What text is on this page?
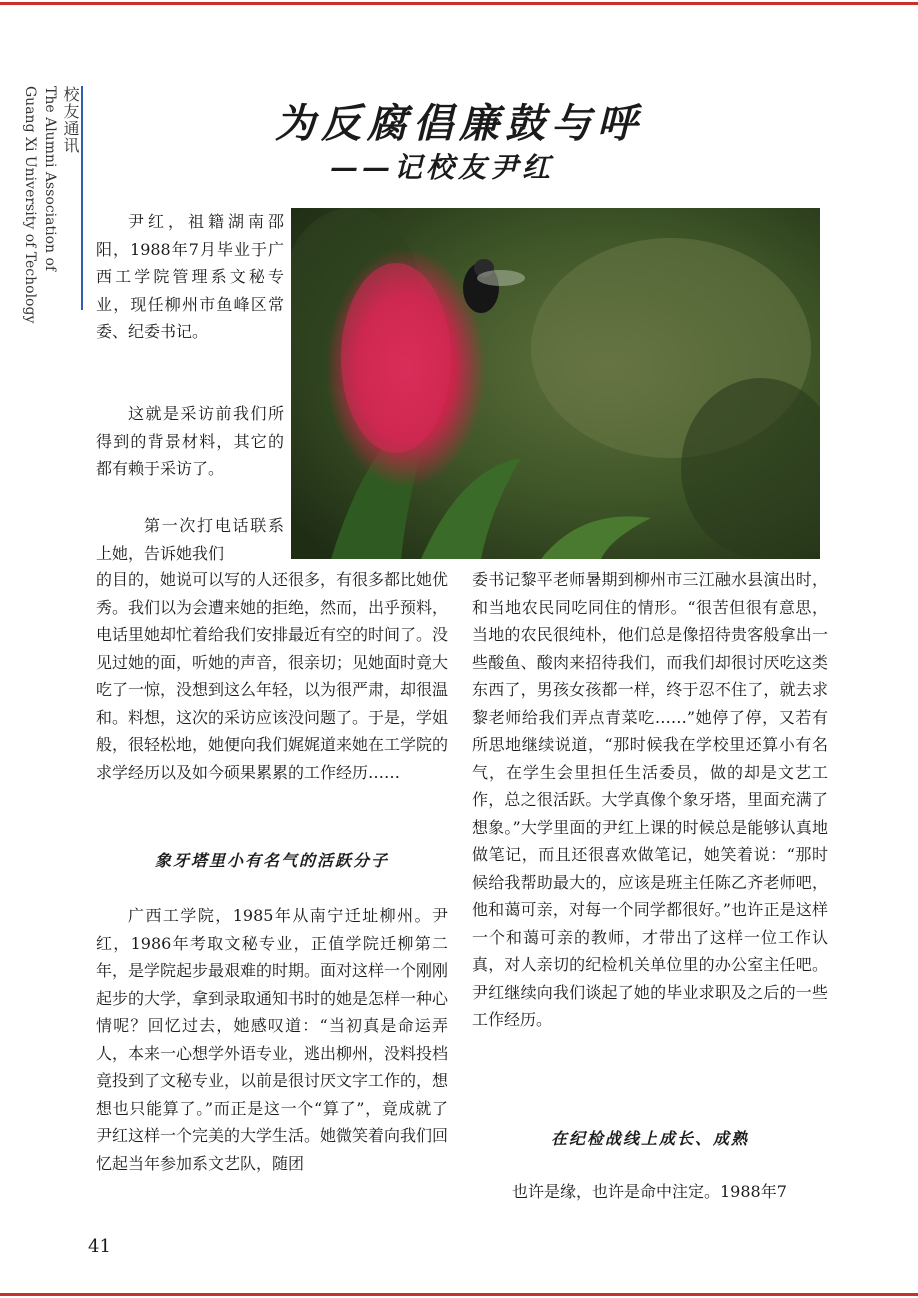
校友通讯
The Alumni Association of
Guang Xi University of Techology	为反腐倡廉鼓与呼
——记校友尹红
尹红，祖籍湖南邵阳，1988年7月毕业于广西工学院管理系文秘专业，现任柳州市鱼峰区常委、纪委书记。
这就是采访前我们所得到的背景材料，其它的都有赖于采访了。
第一次打电话联系上她，告诉她我们
的目的，她说可以写的人还很多，有很多都比她优秀。我们以为会遭来她的拒绝，然而，出乎预料，电话里她却忙着给我们安排最近有空的时间了。没见过她的面，听她的声音，很亲切；见她面时竟大吃了一惊，没想到这么年轻，以为很严肃，却很温和。料想，这次的采访应该没问题了。于是，学姐般，很轻松地，她便向我们娓娓道来她在工学院的求学经历以及如今硕果累累的工作经历……
象牙塔里小有名气的活跃分子
广西工学院，1985年从南宁迁址柳州。尹红，1986年考取文秘专业，正值学院迁柳第二年，是学院起步最艰难的时期。面对这样一个刚刚起步的大学，拿到录取通知书时的她是怎样一种心情呢？回忆过去，她感叹道：“当初真是命运弄人，本来一心想学外语专业，逃出柳州，没料投档竟投到了文秘专业，以前是很讨厌文字工作的，想想也只能算了。”而正是这一个“算了”，竟成就了尹红这样一个完美的大学生活。她微笑着向我们回忆起当年参加系文艺队，随团
委书记黎平老师暑期到柳州市三江融水县演出时，和当地农民同吃同住的情形。“很苦但很有意思，当地的农民很纯朴，他们总是像招待贵客般拿出一些酸鱼、酸肉来招待我们，而我们却很讨厌吃这类东西了，男孩女孩都一样，终于忍不住了，就去求黎老师给我们弄点青菜吃……”她停了停，又若有所思地继续说道，“那时候我在学校里还算小有名气，在学生会里担任生活委员，做的却是文艺工作，总之很活跃。大学真像个象牙塔，里面充满了想象。”大学里面的尹红上课的时候总是能够认真地做笔记，而且还很喜欢做笔记，她笑着说：“那时候给我帮助最大的，应该是班主任陈乙齐老师吧，他和蔼可亲，对每一个同学都很好。”也许正是这样一个和蔼可亲的教师，才带出了这样一位工作认真，对人亲切的纪检机关单位里的办公室主任吧。尹红继续向我们谈起了她的毕业求职及之后的一些工作经历。
在纪检战线上成长、成熟
也许是缘，也许是命中注定。1988年7
41
